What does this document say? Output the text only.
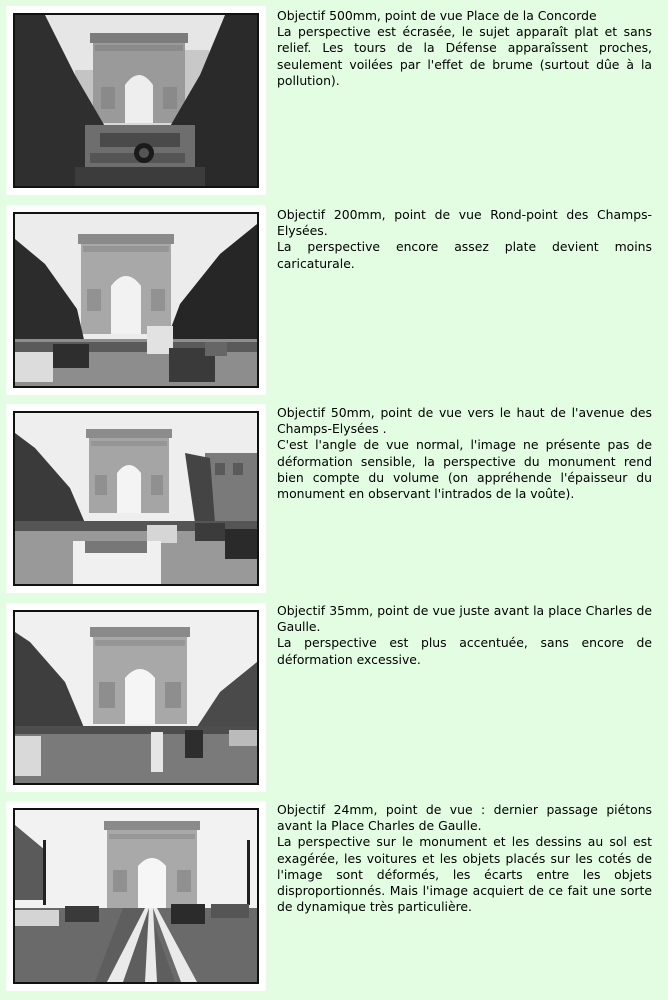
Objectif 500mm, point de vue Place de la Concorde

La perspective est écrasée, le sujet apparaît plat et sans relief. Les tours de la Défense apparaîssent proches, seulement voilées par l'effet de brume (surtout dûe à la pollution).

Objectif 200mm, point de vue Rond-point des Champs-Elysées.

La perspective encore assez plate devient moins caricaturale.

Objectif 50mm, point de vue vers le haut de l'avenue des Champs-Elysées .

C'est l'angle de vue normal, l'image ne présente pas de déformation sensible, la perspective du monument rend bien compte du volume (on appréhende l'épaisseur du monument en observant l'intrados de la voûte).

Objectif 35mm, point de vue juste avant la place Charles de Gaulle.

La perspective est plus accentuée, sans encore de déformation excessive.

Objectif 24mm, point de vue : dernier passage piétons avant la Place Charles de Gaulle.

La perspective sur le monument et les dessins au sol est exagérée, les voitures et les objets placés sur les cotés de l'image sont déformés, les écarts entre les objets disproportionnés. Mais l'image acquiert de ce fait une sorte de dynamique très particulière.
